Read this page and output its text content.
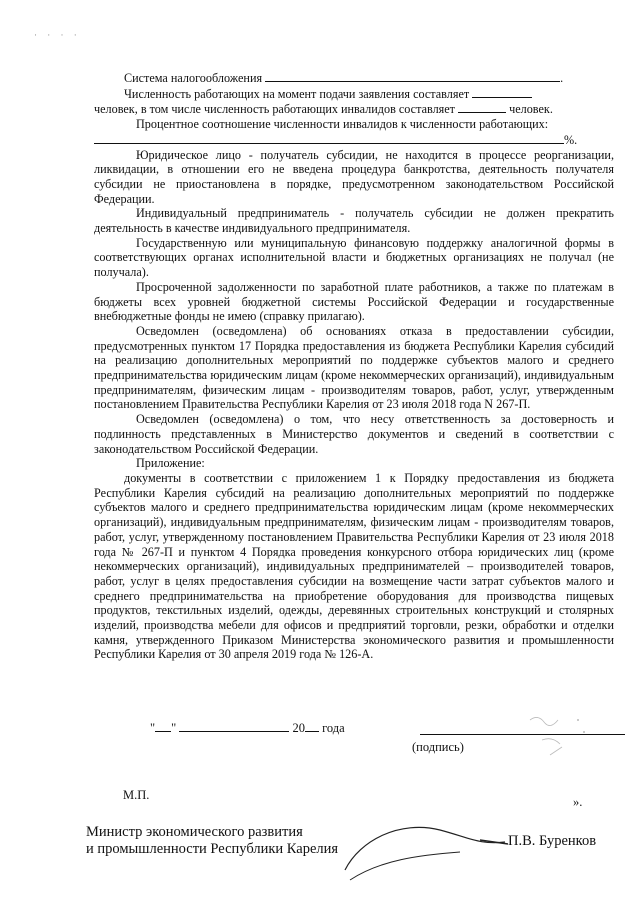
· · · ·

Система налогообложения	.

Численность работающих на момент подачи заявления составляет

человек, в том числе численность работающих инвалидов составляет	человек.

Процентное соотношение численности инвалидов к численности работающих:

%.

Юридическое лицо - получатель субсидии, не находится в процессе реорганизации, ликвидации, в отношении его не введена процедура банкротства, деятельность получателя субсидии не приостановлена в порядке, предусмотренном законодательством Российской Федерации.

Индивидуальный предприниматель - получатель субсидии не должен прекратить деятельность в качестве индивидуального предпринимателя.

Государственную или муниципальную финансовую поддержку аналогичной формы в соответствующих органах исполнительной власти и бюджетных организациях не получал (не получала).

Просроченной задолженности по заработной плате работников, а также по платежам в бюджеты всех уровней бюджетной системы Российской Федерации и государственные внебюджетные фонды не имею (справку прилагаю).

Осведомлен (осведомлена) об основаниях отказа в предоставлении субсидии, предусмотренных пунктом 17 Порядка предоставления из бюджета Республики Карелия субсидий на реализацию дополнительных мероприятий по поддержке субъектов малого и среднего предпринимательства юридическим лицам (кроме некоммерческих организаций), индивидуальным предпринимателям, физическим лицам - производителям товаров, работ, услуг, утвержденным постановлением Правительства Республики Карелия от 23 июля 2018 года N 267-П.

Осведомлен (осведомлена) о том, что несу ответственность за достоверность и подлинность представленных в Министерство документов и сведений в соответствии с законодательством Российской Федерации.

Приложение:

документы в соответствии с приложением 1 к Порядку предоставления из бюджета Республики Карелия субсидий на реализацию дополнительных мероприятий по поддержке субъектов малого и среднего предпринимательства юридическим лицам (кроме некоммерческих организаций), индивидуальным предпринимателям, физическим лицам - производителям товаров, работ, услуг, утвержденному постановлением Правительства Республики Карелия от 23 июля 2018 года № 267-П и пунктом 4 Порядка проведения конкурсного отбора юридических лиц (кроме некоммерческих организаций), индивидуальных предпринимателей – производителей товаров, работ, услуг в целях предоставления субсидии на возмещение части затрат субъектов малого и среднего предпринимательства на приобретение оборудования для производства пищевых продуктов, текстильных изделий, одежды, деревянных строительных конструкций и столярных изделий, производства мебели для офисов и предприятий торговли, резки, обработки и отделки камня, утвержденного Приказом Министерства экономического развития и промышленности Республики Карелия от 30 апреля 2019 года № 126-А.

" "	20 года
(подпись)
М.П.	».
Министр экономического развития
и промышленности Республики Карелия	П.В. Буренков
